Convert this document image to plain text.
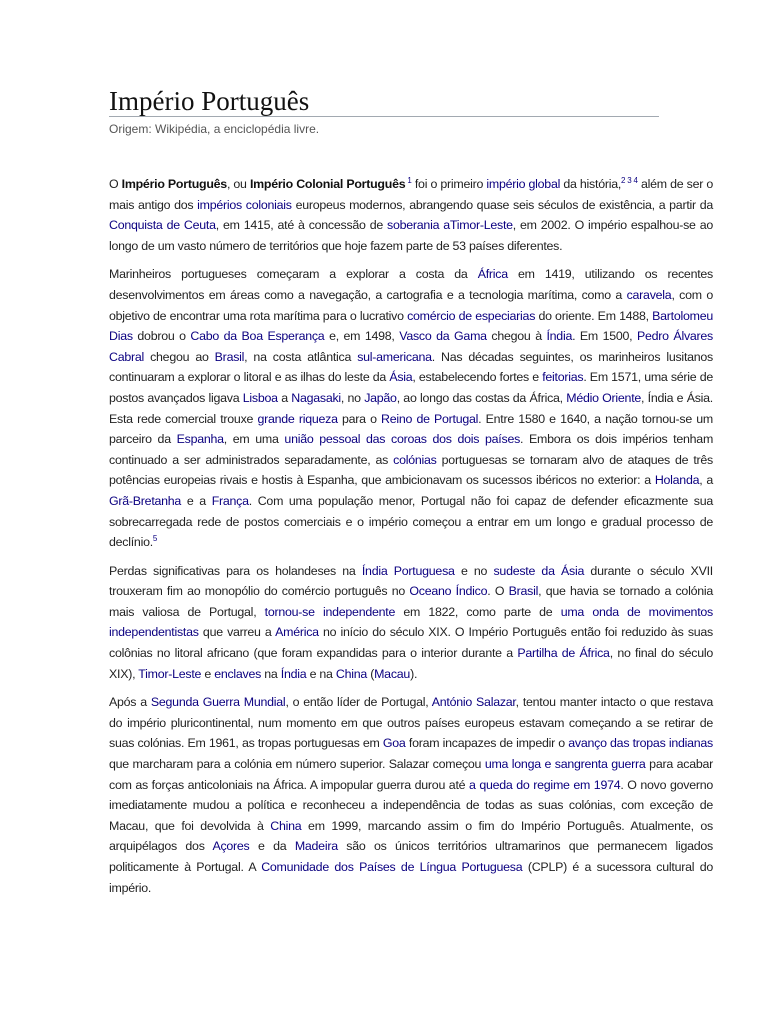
Império Português
Origem: Wikipédia, a enciclopédia livre.

O Império Português, ou Império Colonial Português $^1$ foi o primeiro império global da história,$^{2 3 4}$ além de ser o mais antigo dos impérios coloniais europeus modernos, abrangendo quase seis séculos de existência, a partir da Conquista de Ceuta, em 1415, até à concessão de soberania aTimor-Leste, em 2002. O império espalhou-se ao longo de um vasto número de territórios que hoje fazem parte de 53 países diferentes.

Marinheiros portugueses começaram a explorar a costa da África em 1419, utilizando os recentes desenvolvimentos em áreas como a navegação, a cartografia e a tecnologia marítima, como a caravela, com o objetivo de encontrar uma rota marítima para o lucrativo comércio de especiarias do oriente. Em 1488, Bartolomeu Dias dobrou o Cabo da Boa Esperança e, em 1498, Vasco da Gama chegou à Índia. Em 1500, Pedro Álvares Cabral chegou ao Brasil, na costa atlântica sul-americana. Nas décadas seguintes, os marinheiros lusitanos continuaram a explorar o litoral e as ilhas do leste da Ásia, estabelecendo fortes e feitorias. Em 1571, uma série de postos avançados ligava Lisboa a Nagasaki, no Japão, ao longo das costas da África, Médio Oriente, Índia e Ásia. Esta rede comercial trouxe grande riqueza para o Reino de Portugal. Entre 1580 e 1640, a nação tornou-se um parceiro da Espanha, em uma união pessoal das coroas dos dois países. Embora os dois impérios tenham continuado a ser administrados separadamente, as colónias portuguesas se tornaram alvo de ataques de três potências europeias rivais e hostis à Espanha, que ambicionavam os sucessos ibéricos no exterior: a Holanda, a Grã-Bretanha e a França. Com uma população menor, Portugal não foi capaz de defender eficazmente sua sobrecarregada rede de postos comerciais e o império começou a entrar em um longo e gradual processo de declínio.$^5$

Perdas significativas para os holandeses na Índia Portuguesa e no sudeste da Ásia durante o século XVII trouxeram fim ao monopólio do comércio português no Oceano Índico. O Brasil, que havia se tornado a colónia mais valiosa de Portugal, tornou-se independente em 1822, como parte de uma onda de movimentos independentistas que varreu a América no início do século XIX. O Império Português então foi reduzido às suas colônias no litoral africano (que foram expandidas para o interior durante a Partilha de África, no final do século XIX), Timor-Leste e enclaves na Índia e na China (Macau).

Após a Segunda Guerra Mundial, o então líder de Portugal, António Salazar, tentou manter intacto o que restava do império pluricontinental, num momento em que outros países europeus estavam começando a se retirar de suas colónias. Em 1961, as tropas portuguesas em Goa foram incapazes de impedir o avanço das tropas indianas que marcharam para a colónia em número superior. Salazar começou uma longa e sangrenta guerra para acabar com as forças anticoloniais na África. A impopular guerra durou até a queda do regime em 1974. O novo governo imediatamente mudou a política e reconheceu a independência de todas as suas colónias, com exceção de Macau, que foi devolvida à China em 1999, marcando assim o fim do Império Português. Atualmente, os arquipélagos dos Açores e da Madeira são os únicos territórios ultramarinos que permanecem ligados politicamente à Portugal. A Comunidade dos Países de Língua Portuguesa (CPLP) é a sucessora cultural do império.
